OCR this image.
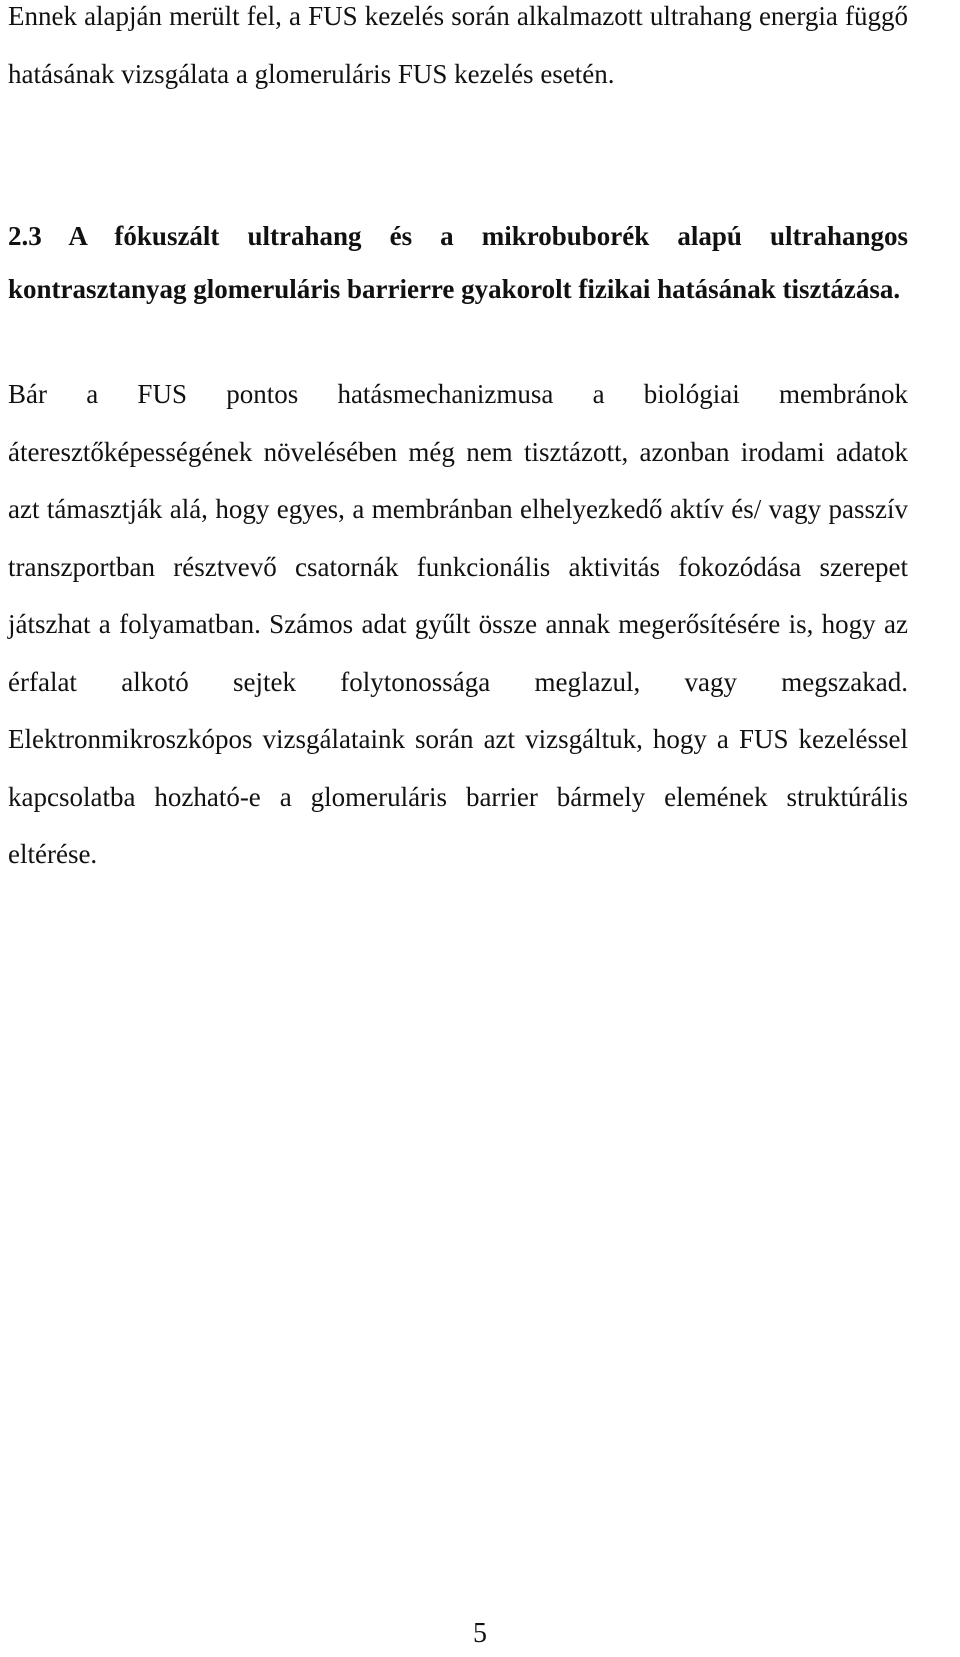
Ennek alapján merült fel, a FUS kezelés során alkalmazott ultrahang energia függő hatásának vizsgálata a glomeruláris FUS kezelés esetén.

2.3 A fókuszált ultrahang és a mikrobuborék alapú ultrahangos kontrasztanyag glomeruláris barrierre gyakorolt fizikai hatásának tisztázása.

Bár a FUS pontos hatásmechanizmusa a biológiai membránok áteresztőképességének növelésében még nem tisztázott, azonban irodami adatok azt támasztják alá, hogy egyes, a membránban elhelyezkedő aktív és/ vagy passzív transzportban résztvevő csatornák funkcionális aktivitás fokozódása szerepet játszhat a folyamatban. Számos adat gyűlt össze annak megerősítésére is, hogy az érfalat alkotó sejtek folytonossága meglazul, vagy megszakad. Elektronmikroszkópos vizsgálataink során azt vizsgáltuk, hogy a FUS kezeléssel kapcsolatba hozható-e a glomeruláris barrier bármely elemének struktúrális eltérése.

5
